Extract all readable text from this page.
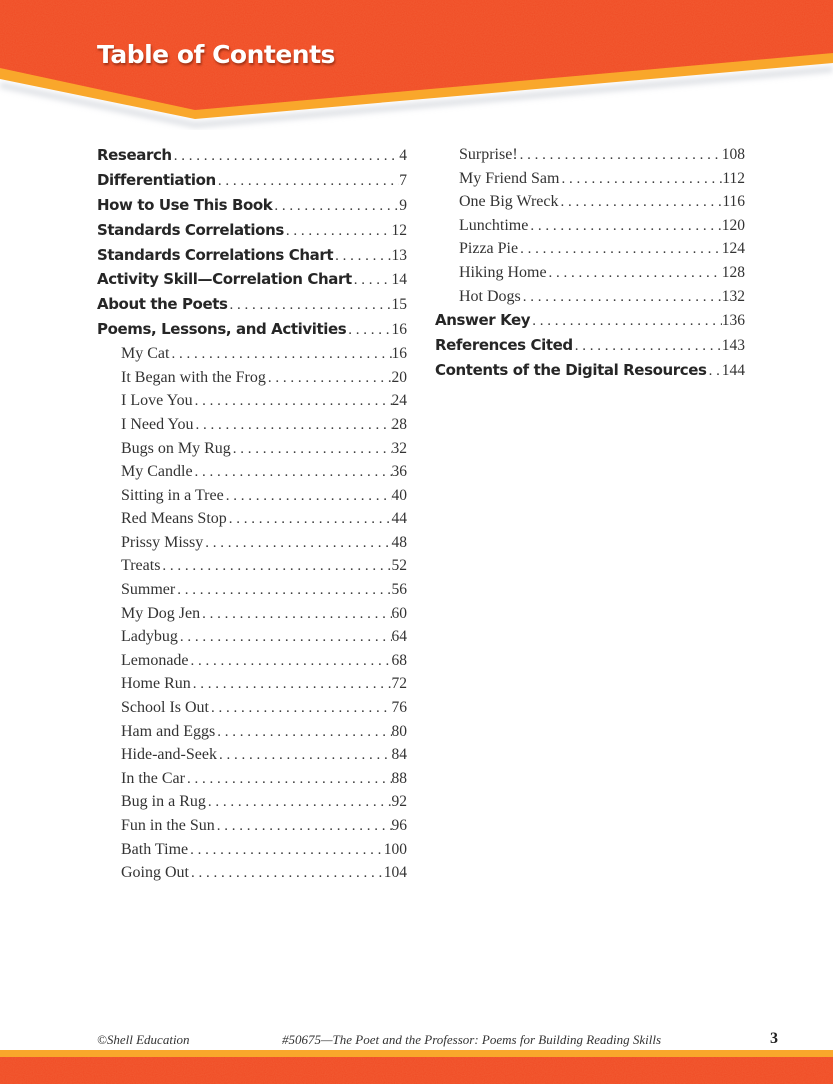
Table of Contents
Research . . .	4
Differentiation . . .	7
How to Use This Book . . .	9
Standards Correlations . . .	12
Standards Correlations Chart . . .	13
Activity Skill—Correlation Chart . . .	14
About the Poets . . .	15
Poems, Lessons, and Activities . . .	16
My Cat . . .	16
It Began with the Frog . . .	20
I Love You . . .	24
I Need You . . .	28
Bugs on My Rug . . .	32
My Candle . . .	36
Sitting in a Tree . . .	40
Red Means Stop . . .	44
Prissy Missy . . .	48
Treats . . .	52
Summer . . .	56
My Dog Jen . . .	60
Ladybug . . .	64
Lemonade . . .	68
Home Run . . .	72
School Is Out . . .	76
Ham and Eggs . . .	80
Hide-and-Seek . . .	84
In the Car . . .	88
Bug in a Rug . . .	92
Fun in the Sun . . .	96
Bath Time . . .	100
Going Out . . .	104
Surprise! . . .	108
My Friend Sam . . .	112
One Big Wreck . . .	116
Lunchtime . . .	120
Pizza Pie . . .	124
Hiking Home . . .	128
Hot Dogs . . .	132
Answer Key . . .	136
References Cited . . .	143
Contents of the Digital Resources . . . 144
©Shell Education	#50675—The Poet and the Professor: Poems for Building Reading Skills	3
